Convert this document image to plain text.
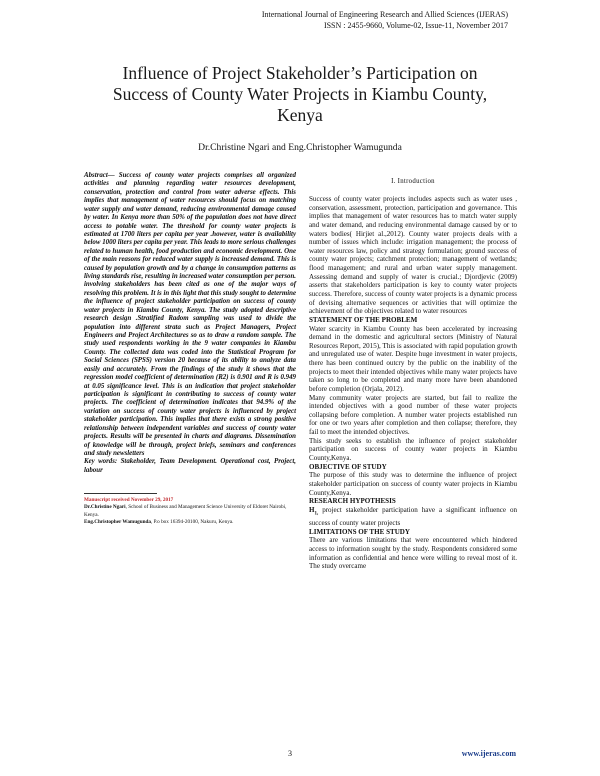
International Journal of Engineering Research and Allied Sciences (IJERAS)
ISSN : 2455-9660, Volume-02, Issue-11, November 2017
Influence of Project Stakeholder’s Participation on
Success of County Water Projects in Kiambu County,
Kenya
Dr.Christine Ngari and Eng.Christopher Wamugunda

Abstract— Success of county water projects comprises all organized activities and planning regarding water resources development, conservation, protection and control from water adverse effects. This implies that management of water resources should focus on matching water supply and water demand, reducing environmental damage caused by water. In Kenya more than 50% of the population does not have direct access to potable water. The threshold for county water projects is estimated at 1700 liters per capita per year .however, water is availability below 1000 liters per capita per year. This leads to more serious challenges related to human health, food production and economic development. One of the main reasons for reduced water supply is increased demand. This is caused by population growth and by a change in consumption patterns as living standards rise, resulting in increased water consumption per person. involving stakeholders has been cited as one of the major ways of resolving this problem. It is in this light that this study sought to determine the influence of project stakeholder participation on success of county water projects in Kiambu County, Kenya. The study adopted descriptive research design .Stratified Radom sampling was used to divide the population into different strata such as Project Managers, Project Engineers and Project Architectures so as to draw a random sample. The study used respondents working in the 9 water companies in Kiambu County. The collected data was coded into the Statistical Program for Social Sciences (SPSS) version 20 because of its ability to analyze data easily and accurately. From the findings of the study it shows that the regression model coefficient of determination (R2) is 0.901 and R is 0.949 at 0.05 significance level. This is an indication that project stakeholder participation is significant in contributing to success of county water projects. The coefficient of determination indicates that 94.9% of the variation on success of county water projects is influenced by project stakeholder participation. This implies that there exists a strong positive relationship between independent variables and success of county water projects. Results will be presented in charts and diagrams. Dissemination of knowledge will be through, project briefs, seminars and conferences and study newsletters

Key words: Stakeholder, Team Development. Operational cost, Project, labour

Manuscript received November 29, 2017

Dr.Christine Ngari, School of Business and Management Science University of Eldoret Nairobi, Kenya.

Eng.Christopher Wamugunda, P.o box 16394-20100, Nakuru, Kenya.

I. Introduction

Success of county water projects includes aspects such as water uses , conservation, assessment, protection, participation and governance. This implies that management of water resources has to match water supply and water demand, and reducing environmental damage caused by or to waters bodies( Hirjiet al.,2012). County water projects deals with a number of issues which include: irrigation management; the process of water resources law, policy and strategy formulation; ground success of county water projects; catchment protection; management of wetlands; flood management; and rural and urban water supply management. Assessing demand and supply of water is crucial.; Djordjevic (2009) asserts that stakeholders participation is key to county water projects success. Therefore, success of county water projects is a dynamic process of devising alternative sequences or activities that will optimize the achievement of the objectives related to water resources

STATEMENT OF THE PROBLEM

Water scarcity in Kiambu County has been accelerated by increasing demand in the domestic and agricultural sectors (Ministry of Natural Resources Report, 2015), This is associated with rapid population growth and unregulated use of water. Despite huge investment in water projects, there has been continued outcry by the public on the inability of the projects to meet their intended objectives while many water projects have taken so long to be completed and many more have been abandoned before completion (Orjala, 2012).

Many community water projects are started, but fail to realize the intended objectives with a good number of these water projects collapsing before completion. A number water projects established run for one or two years after completion and then collapse; therefore, they fail to meet the intended objectives.

This study seeks to establish the influence of project stakeholder participation on success of county water projects in Kiambu County,Kenya.

OBJECTIVE OF STUDY

The purpose of this study was to determine the influence of project stakeholder participation on success of county water projects in Kiambu County,Kenya.

RESEARCH HYPOTHESIS

$H_{1,}$ project stakeholder participation have a significant influence on success of county water projects

LIMITATIONS OF THE STUDY

There are various limitations that were encountered which hindered access to information sought by the study. Respondents considered some information as confidential and hence were willing to reveal most of it. The study overcame

3	www.ijeras.com
